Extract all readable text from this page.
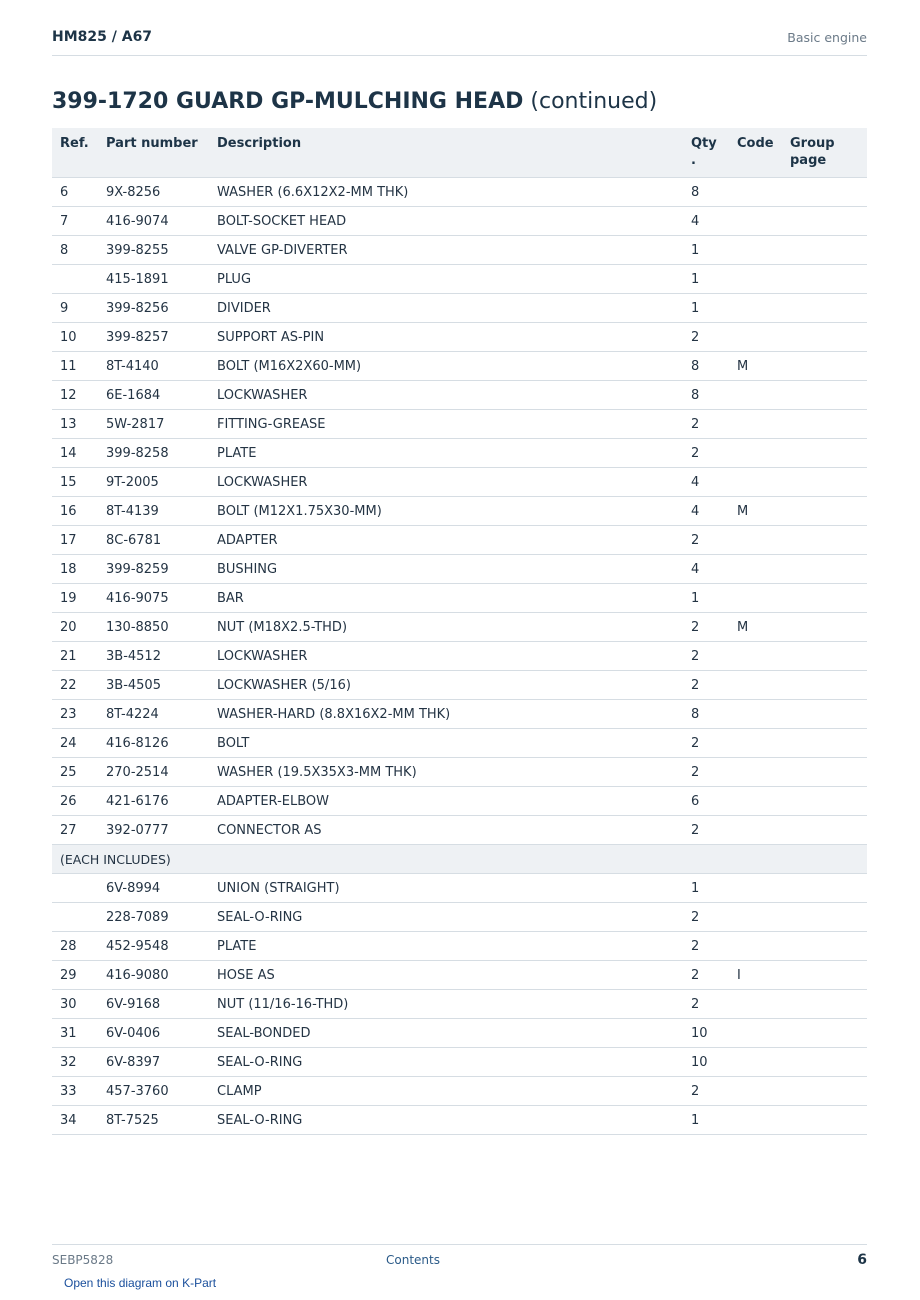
HM825 / A67	Basic engine
399-1720 GUARD GP-MULCHING HEAD (continued)
Ref.	Part number	Description	Qty .	Code	Group page
6	9X-8256	WASHER (6.6X12X2-MM THK)	8		
7	416-9074	BOLT-SOCKET HEAD	4		
8	399-8255	VALVE GP-DIVERTER	1		
	415-1891	PLUG	1		
9	399-8256	DIVIDER	1		
10	399-8257	SUPPORT AS-PIN	2		
11	8T-4140	BOLT (M16X2X60-MM)	8	M	
12	6E-1684	LOCKWASHER	8		
13	5W-2817	FITTING-GREASE	2		
14	399-8258	PLATE	2		
15	9T-2005	LOCKWASHER	4		
16	8T-4139	BOLT (M12X1.75X30-MM)	4	M	
17	8C-6781	ADAPTER	2		
18	399-8259	BUSHING	4		
19	416-9075	BAR	1		
20	130-8850	NUT (M18X2.5-THD)	2	M	
21	3B-4512	LOCKWASHER	2		
22	3B-4505	LOCKWASHER (5/16)	2		
23	8T-4224	WASHER-HARD (8.8X16X2-MM THK)	8		
24	416-8126	BOLT	2		
25	270-2514	WASHER (19.5X35X3-MM THK)	2		
26	421-6176	ADAPTER-ELBOW	6		
27	392-0777	CONNECTOR AS	2		
(EACH INCLUDES)					
	6V-8994	UNION (STRAIGHT)	1		
	228-7089	SEAL-O-RING	2		
28	452-9548	PLATE	2		
29	416-9080	HOSE AS	2	I	
30	6V-9168	NUT (11/16-16-THD)	2		
31	6V-0406	SEAL-BONDED	10		
32	6V-8397	SEAL-O-RING	10		
33	457-3760	CLAMP	2		
34	8T-7525	SEAL-O-RING	1		
SEBP5828	Contents	6
Open this diagram on K-Part
